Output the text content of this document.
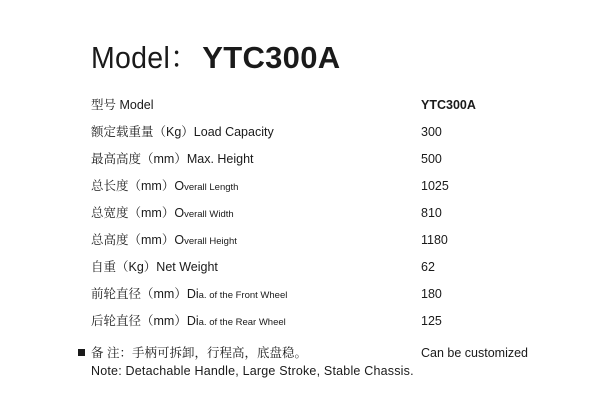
Model： YTC300A
型号 Model	YTC300A
额定载重量（Kg）Load Capacity	300
最高高度（mm）Max. Height	500
总长度（mm）Overall Length	1025
总宽度（mm）Overall Width	810
总高度（mm）Overall Height	1180
自重（Kg）Net Weight	62
前轮直径（mm）Dia. of the Front Wheel	180
后轮直径（mm）Dia. of the Rear Wheel	125
备 注：手柄可拆卸，行程高，底盘稳。	Can be customized
Note: Detachable Handle, Large Stroke, Stable Chassis.
